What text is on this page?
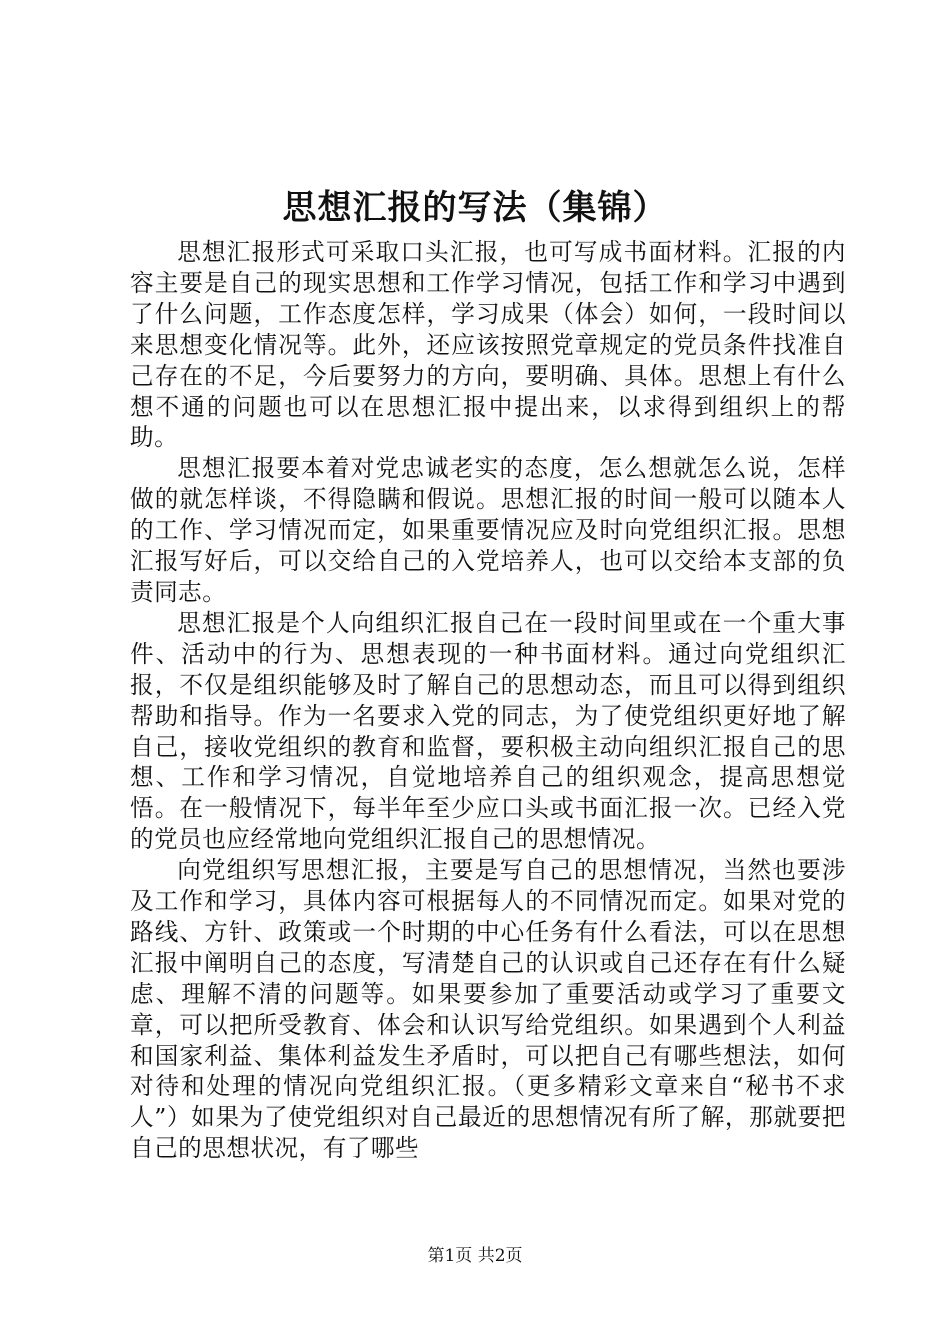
思想汇报的写法（集锦）

思想汇报形式可采取口头汇报，也可写成书面材料。汇报的内容主要是自己的现实思想和工作学习情况，包括工作和学习中遇到了什么问题，工作态度怎样，学习成果（体会）如何，一段时间以来思想变化情况等。此外，还应该按照党章规定的党员条件找准自己存在的不足，今后要努力的方向，要明确、具体。思想上有什么想不通的问题也可以在思想汇报中提出来，以求得到组织上的帮助。

思想汇报要本着对党忠诚老实的态度，怎么想就怎么说，怎样做的就怎样谈，不得隐瞒和假说。思想汇报的时间一般可以随本人的工作、学习情况而定，如果重要情况应及时向党组织汇报。思想汇报写好后，可以交给自己的入党培养人，也可以交给本支部的负责同志。

思想汇报是个人向组织汇报自己在一段时间里或在一个重大事件、活动中的行为、思想表现的一种书面材料。通过向党组织汇报，不仅是组织能够及时了解自己的思想动态，而且可以得到组织帮助和指导。作为一名要求入党的同志，为了使党组织更好地了解自己，接收党组织的教育和监督，要积极主动向组织汇报自己的思想、工作和学习情况，自觉地培养自己的组织观念，提高思想觉悟。在一般情况下，每半年至少应口头或书面汇报一次。已经入党的党员也应经常地向党组织汇报自己的思想情况。

向党组织写思想汇报，主要是写自己的思想情况，当然也要涉及工作和学习，具体内容可根据每人的不同情况而定。如果对党的路线、方针、政策或一个时期的中心任务有什么看法，可以在思想汇报中阐明自己的态度，写清楚自己的认识或自己还存在有什么疑虑、理解不清的问题等。如果要参加了重要活动或学习了重要文章，可以把所受教育、体会和认识写给党组织。如果遇到个人利益和国家利益、集体利益发生矛盾时，可以把自己有哪些想法，如何对待和处理的情况向党组织汇报。（更多精彩文章来自“秘书不求人”）如果为了使党组织对自己最近的思想情况有所了解，那就要把自己的思想状况，有了哪些

第1页 共2页
